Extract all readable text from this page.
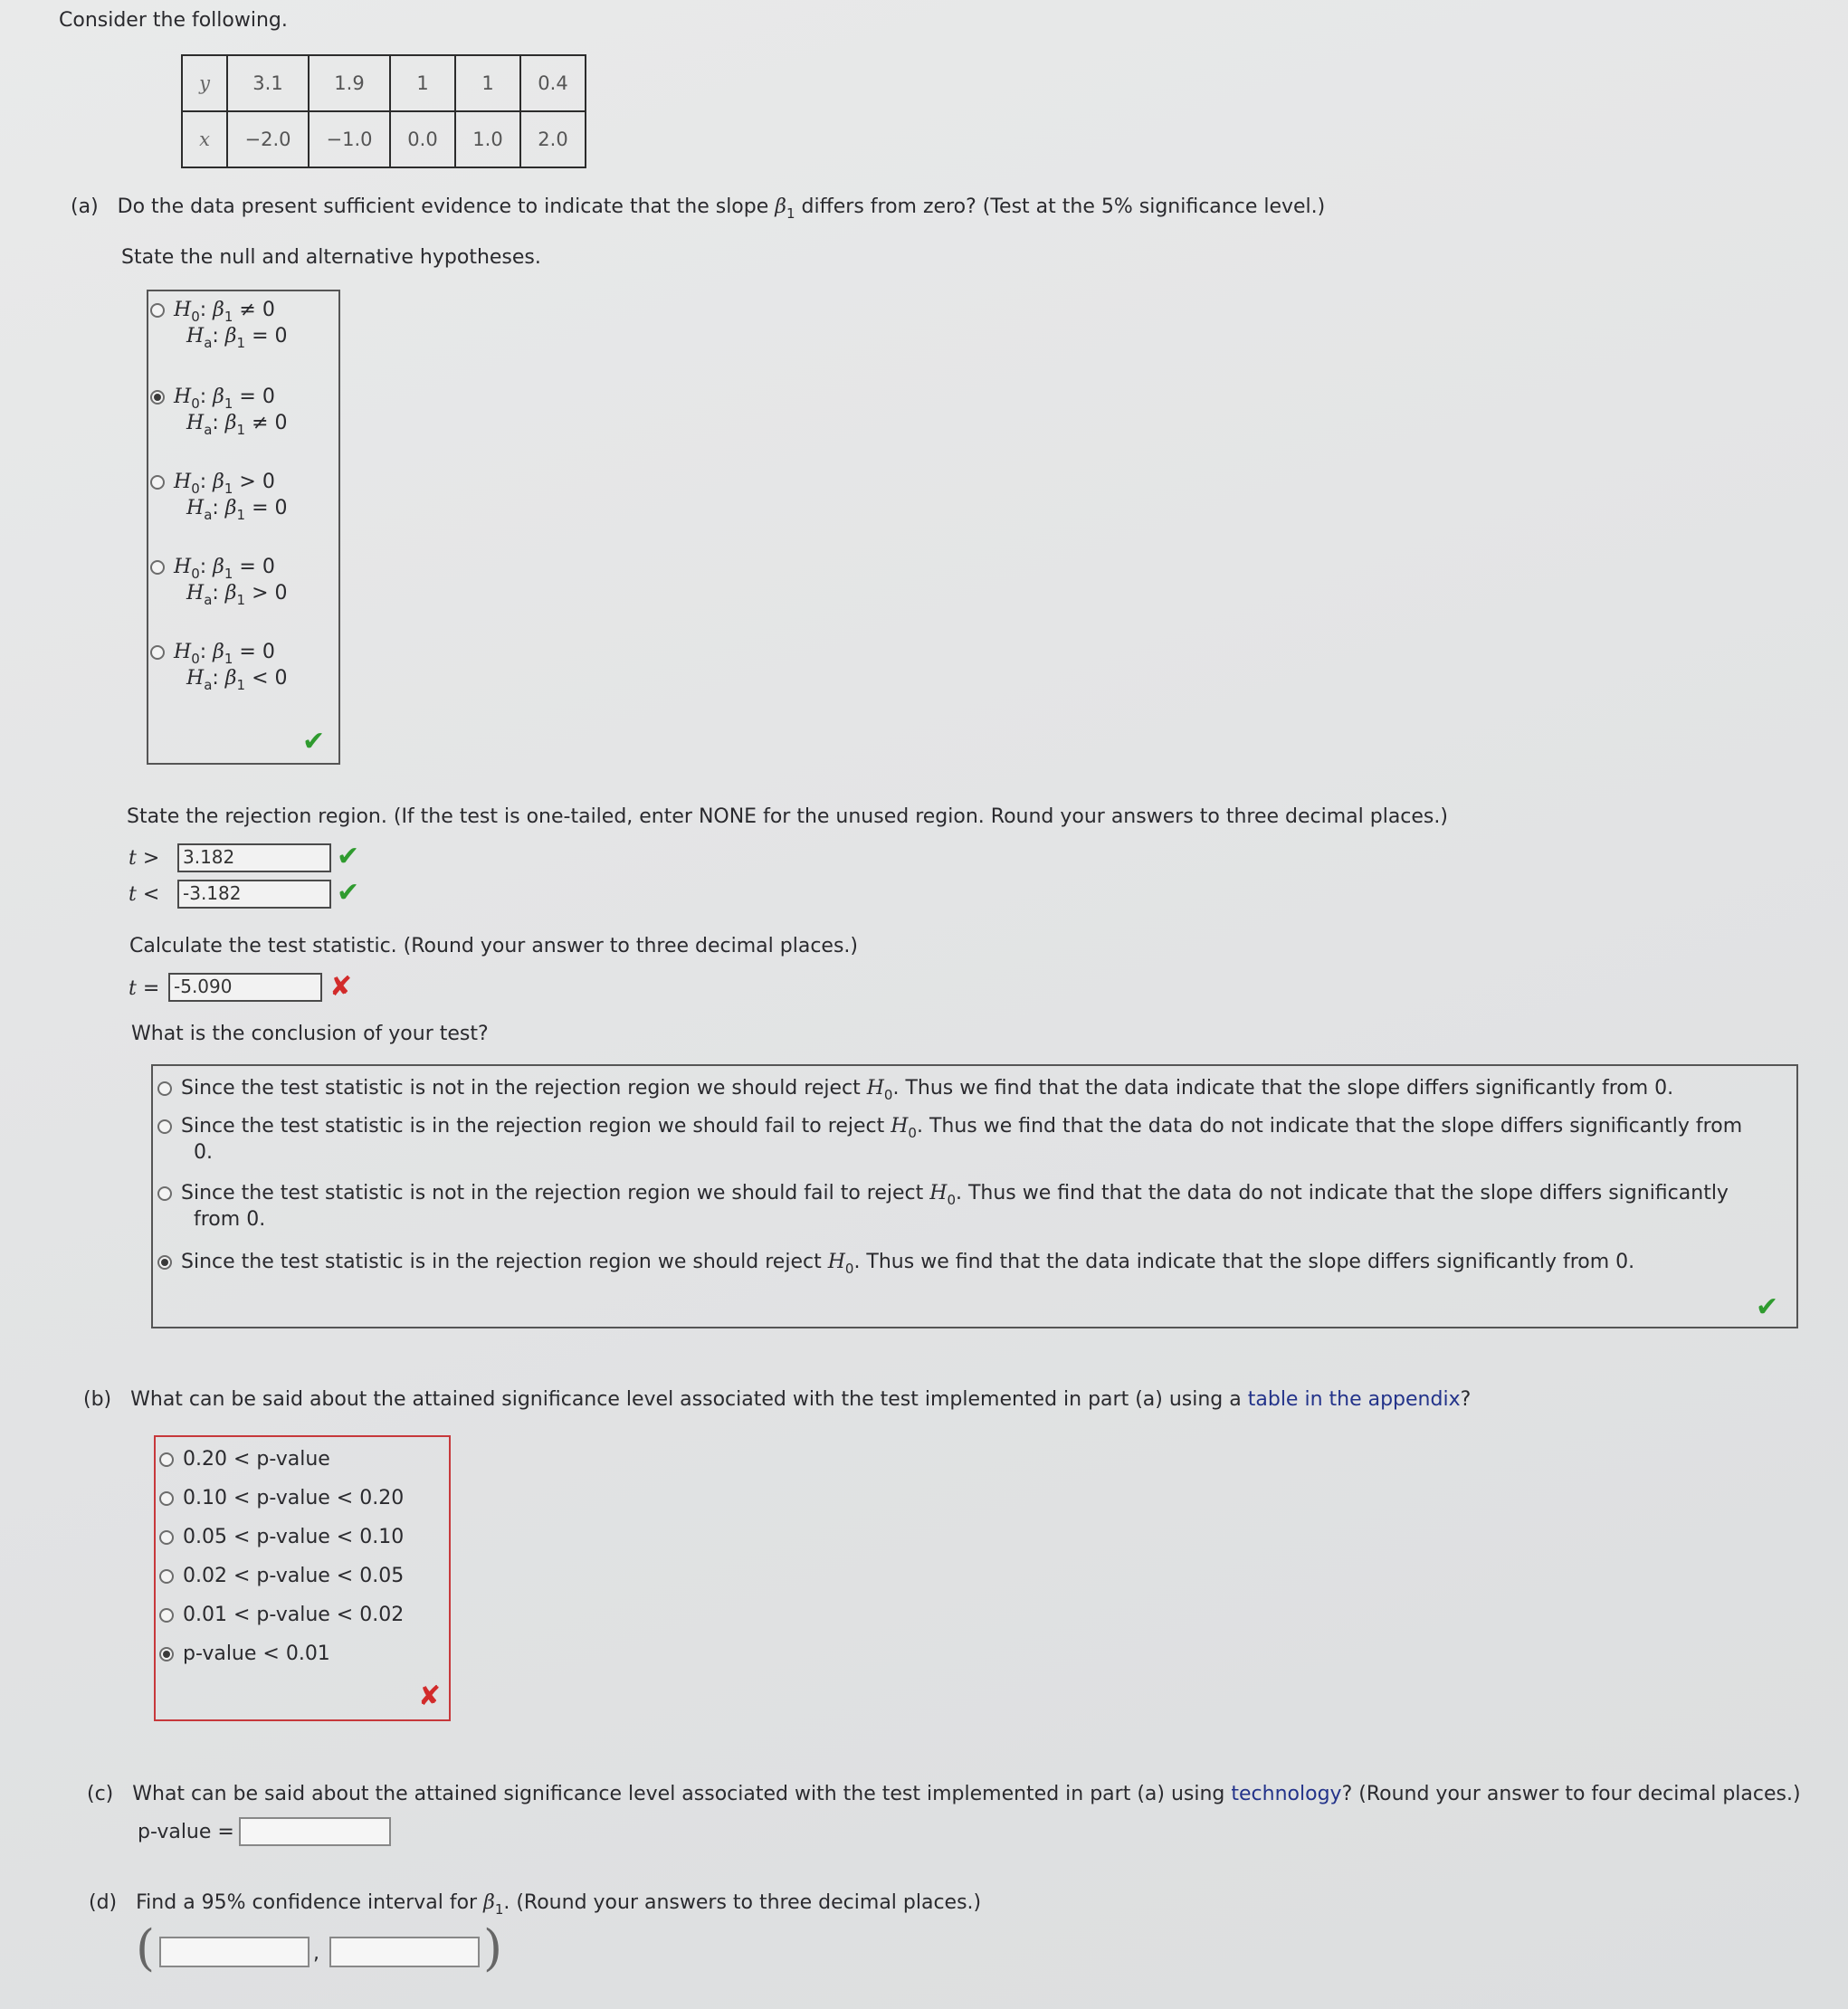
Consider the following.
y	3.1	1.9	1	1	0.4
x	−2.0	−1.0	0.0	1.0	2.0
(a) Do the data present sufficient evidence to indicate that the slope $\beta_1$ differs from zero? (Test at the 5% significance level.)
State the null and alternative hypotheses.
$H_0$: $\beta_1 \ne 0$
$H_a$: $\beta_1 = 0$
$H_0$: $\beta_1 = 0$
$H_a$: $\beta_1 \ne 0$
$H_0$: $\beta_1 > 0$
$H_a$: $\beta_1 = 0$
$H_0$: $\beta_1 = 0$
$H_a$: $\beta_1 > 0$
$H_0$: $\beta_1 = 0$
$H_a$: $\beta_1 < 0$
✔
State the rejection region. (If the test is one-tailed, enter NONE for the unused region. Round your answers to three decimal places.)
t >	3.182	✔
t <	-3.182	✔
Calculate the test statistic. (Round your answer to three decimal places.)
t = -5.090	✘
What is the conclusion of your test?
Since the test statistic is not in the rejection region we should reject $H_0$. Thus we find that the data indicate that the slope differs significantly from 0.
Since the test statistic is in the rejection region we should fail to reject $H_0$. Thus we find that the data do not indicate that the slope differs significantly from
0.
Since the test statistic is not in the rejection region we should fail to reject $H_0$. Thus we find that the data do not indicate that the slope differs significantly
from 0.
Since the test statistic is in the rejection region we should reject $H_0$. Thus we find that the data indicate that the slope differs significantly from 0.
✔
(b) What can be said about the attained significance level associated with the test implemented in part (a) using a table in the appendix?
0.20 < p-value
0.10 < p-value < 0.20
0.05 < p-value < 0.10
0.02 < p-value < 0.05
0.01 < p-value < 0.02
p-value < 0.01
✘
(c) What can be said about the attained significance level associated with the test implemented in part (a) using technology? (Round your answer to four decimal places.)
p-value =
(d) Find a 95% confidence interval for $\beta_1$. (Round your answers to three decimal places.)
(	,	)
